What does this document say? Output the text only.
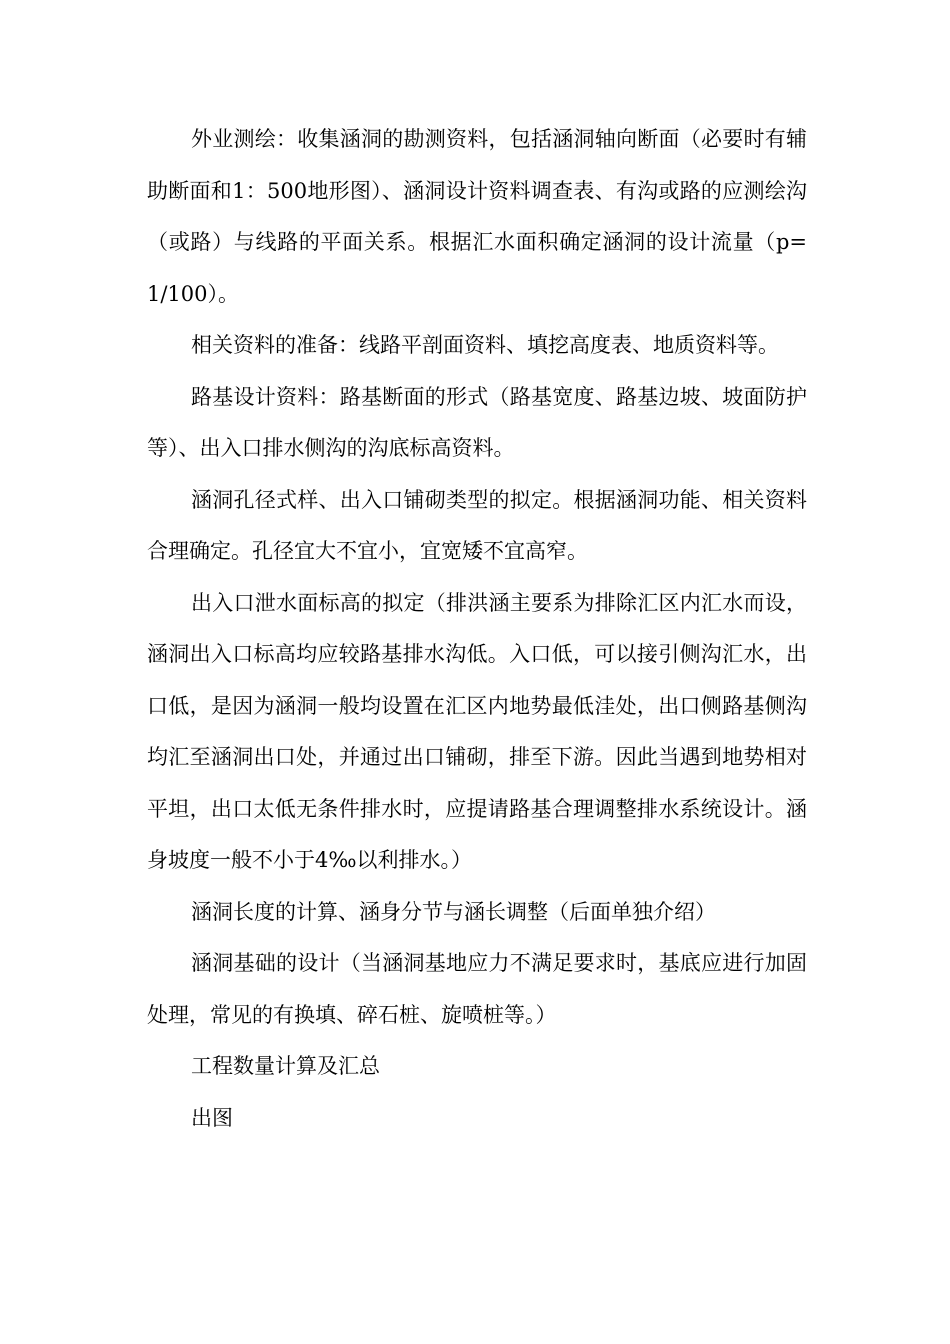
外业测绘：收集涵洞的勘测资料，包括涵洞轴向断面（必要时有辅助断面和1：500地形图）、涵洞设计资料调查表、有沟或路的应测绘沟（或路）与线路的平面关系。根据汇水面积确定涵洞的设计流量（p=1/100）。

相关资料的准备：线路平剖面资料、填挖高度表、地质资料等。

路基设计资料：路基断面的形式（路基宽度、路基边坡、坡面防护等）、出入口排水侧沟的沟底标高资料。

涵洞孔径式样、出入口铺砌类型的拟定。根据涵洞功能、相关资料合理确定。孔径宜大不宜小，宜宽矮不宜高窄。

出入口泄水面标高的拟定（排洪涵主要系为排除汇区内汇水而设，涵洞出入口标高均应较路基排水沟低。入口低，可以接引侧沟汇水，出口低，是因为涵洞一般均设置在汇区内地势最低洼处，出口侧路基侧沟均汇至涵洞出口处，并通过出口铺砌，排至下游。因此当遇到地势相对平坦，出口太低无条件排水时，应提请路基合理调整排水系统设计。涵身坡度一般不小于4‰以利排水。）

涵洞长度的计算、涵身分节与涵长调整（后面单独介绍）

涵洞基础的设计（当涵洞基地应力不满足要求时，基底应进行加固处理，常见的有换填、碎石桩、旋喷桩等。）

工程数量计算及汇总

出图
